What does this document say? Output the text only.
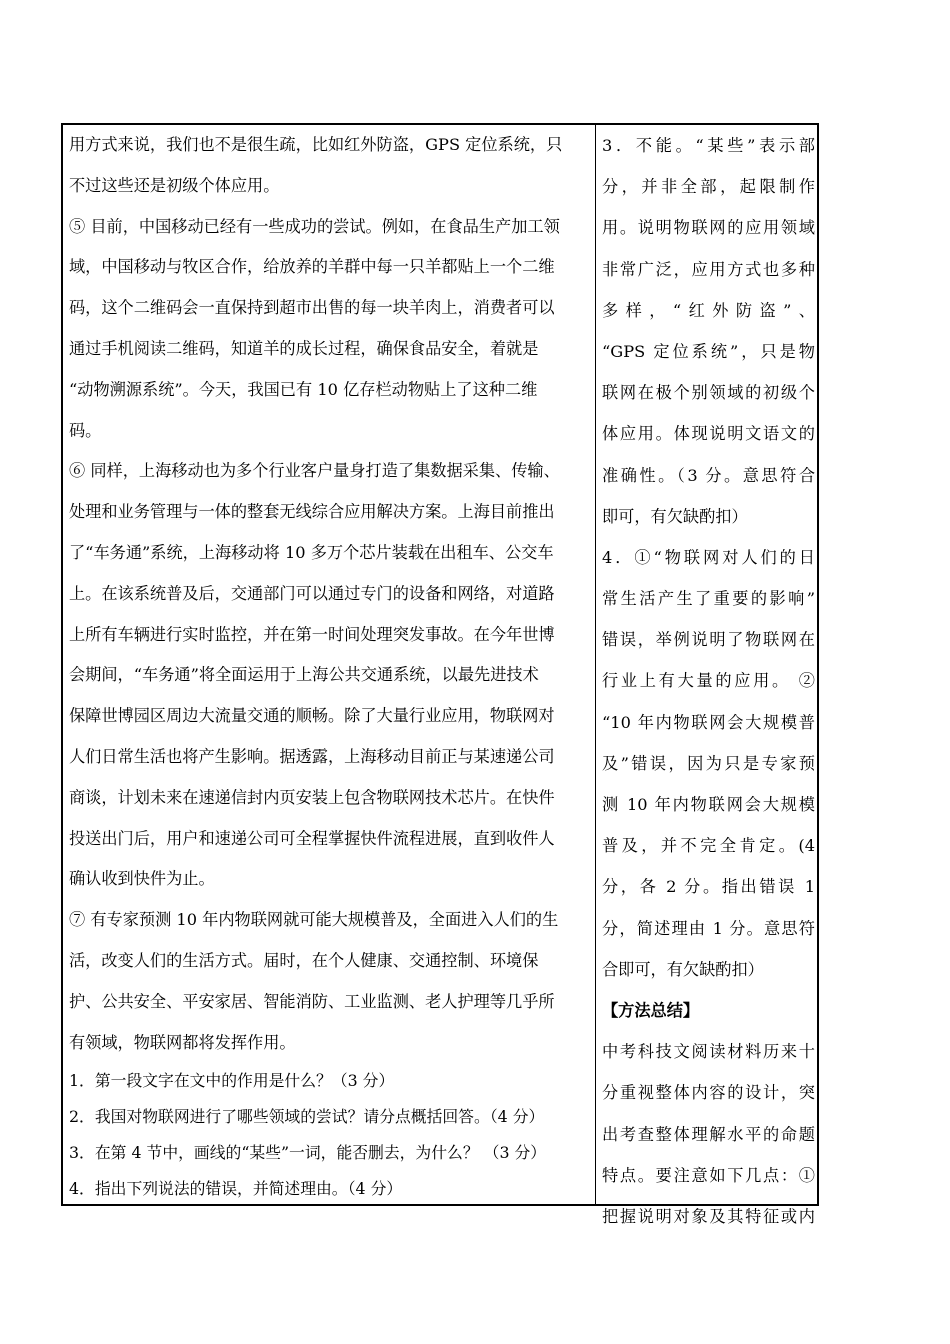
用方式来说，我们也不是很生疏，比如红外防盗，GPS 定位系统，只
不过这些还是初级个体应用。
⑤ 目前，中国移动已经有一些成功的尝试。例如，在食品生产加工领
域，中国移动与牧区合作，给放养的羊群中每一只羊都贴上一个二维
码，这个二维码会一直保持到超市出售的每一块羊肉上，消费者可以
通过手机阅读二维码，知道羊的成长过程，确保食品安全，着就是
“动物溯源系统”。今天，我国已有 10 亿存栏动物贴上了这种二维
码。
⑥ 同样，上海移动也为多个行业客户量身打造了集数据采集、传输、
处理和业务管理与一体的整套无线综合应用解决方案。上海目前推出
了“车务通”系统，上海移动将 10 多万个芯片装载在出租车、公交车
上。在该系统普及后，交通部门可以通过专门的设备和网络，对道路
上所有车辆进行实时监控，并在第一时间处理突发事故。在今年世博
会期间，“车务通”将全面运用于上海公共交通系统，以最先进技术
保障世博园区周边大流量交通的顺畅。除了大量行业应用，物联网对
人们日常生活也将产生影响。据透露，上海移动目前正与某速递公司
商谈，计划未来在速递信封内页安装上包含物联网技术芯片。在快件
投送出门后，用户和速递公司可全程掌握快件流程进展，直到收件人
确认收到快件为止。
⑦ 有专家预测 10 年内物联网就可能大规模普及，全面进入人们的生
活，改变人们的生活方式。届时，在个人健康、交通控制、环境保
护、公共安全、平安家居、智能消防、工业监测、老人护理等几乎所
有领域，物联网都将发挥作用。
1．第一段文字在文中的作用是什么？（3 分）
2．我国对物联网进行了哪些领域的尝试？请分点概括回答。（4 分）
3．在第 4 节中，画线的“某些”一词，能否删去，为什么？ （3 分）
4．指出下列说法的错误，并简述理由。（4 分）
3．不能。“某些”表示部
分，并非全部，起限制作
用。说明物联网的应用领域
非常广泛，应用方式也多种
多样，“红外防盗”、
“GPS 定位系统”，只是物
联网在极个别领域的初级个
体应用。体现说明文语文的
准确性。（3 分。意思符合
即可，有欠缺酌扣）
4．①“物联网对人们的日
常生活产生了重要的影响”
错误，举例说明了物联网在
行业上有大量的应用。 ②
“10 年内物联网会大规模普
及”错误，因为只是专家预
测 10 年内物联网会大规模
普及，并不完全肯定。(4
分，各 2 分。指出错误 1
分，简述理由 1 分。意思符
合即可，有欠缺酌扣）
【方法总结】
中考科技文阅读材料历来十
分重视整体内容的设计，突
出考查整体理解水平的命题
特点。要注意如下几点：①
把握说明对象及其特征或内
